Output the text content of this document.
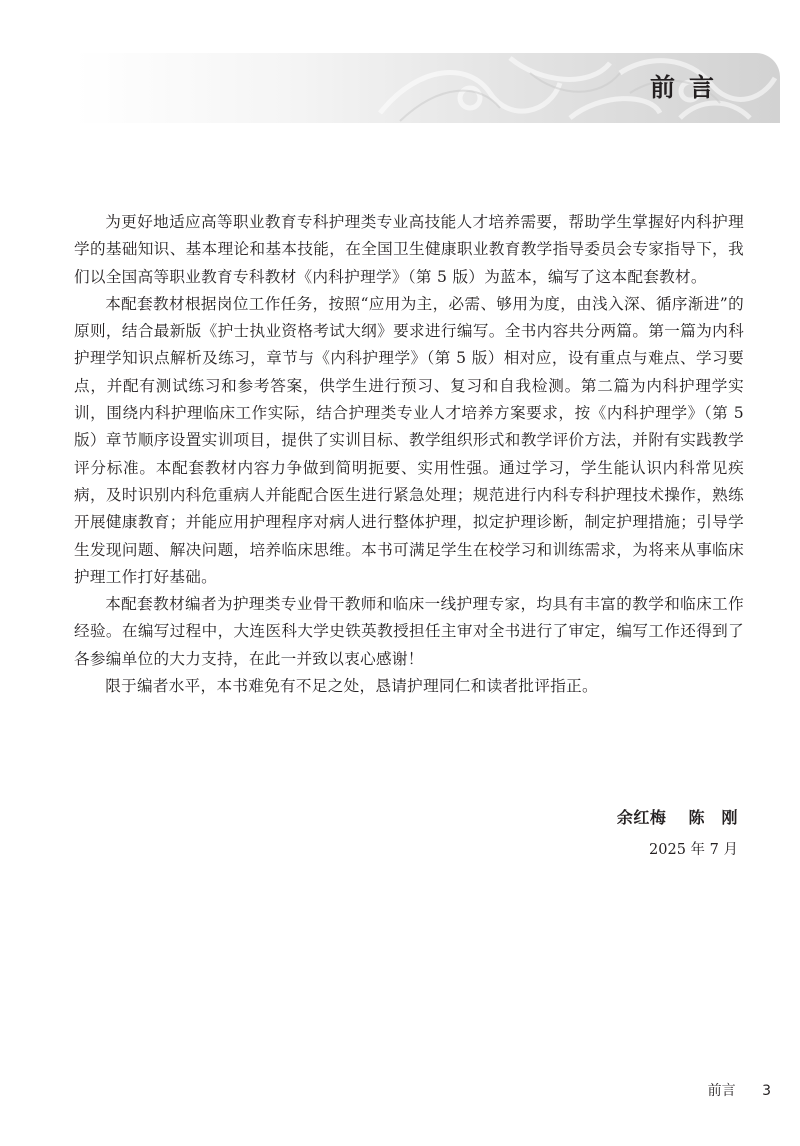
前言

为更好地适应高等职业教育专科护理类专业高技能人才培养需要，帮助学生掌握好内科护理学的基础知识、基本理论和基本技能，在全国卫生健康职业教育教学指导委员会专家指导下，我们以全国高等职业教育专科教材《内科护理学》（第 5 版）为蓝本，编写了这本配套教材。

本配套教材根据岗位工作任务，按照“应用为主，必需、够用为度，由浅入深、循序渐进”的原则，结合最新版《护士执业资格考试大纲》要求进行编写。全书内容共分两篇。第一篇为内科护理学知识点解析及练习，章节与《内科护理学》（第 5 版）相对应，设有重点与难点、学习要点，并配有测试练习和参考答案，供学生进行预习、复习和自我检测。第二篇为内科护理学实训，围绕内科护理临床工作实际，结合护理类专业人才培养方案要求，按《内科护理学》（第 5 版）章节顺序设置实训项目，提供了实训目标、教学组织形式和教学评价方法，并附有实践教学评分标准。本配套教材内容力争做到简明扼要、实用性强。通过学习，学生能认识内科常见疾病，及时识别内科危重病人并能配合医生进行紧急处理；规范进行内科专科护理技术操作，熟练开展健康教育；并能应用护理程序对病人进行整体护理，拟定护理诊断，制定护理措施；引导学生发现问题、解决问题，培养临床思维。本书可满足学生在校学习和训练需求，为将来从事临床护理工作打好基础。

本配套教材编者为护理类专业骨干教师和临床一线护理专家，均具有丰富的教学和临床工作经验。在编写过程中，大连医科大学史铁英教授担任主审对全书进行了审定，编写工作还得到了各参编单位的大力支持，在此一并致以衷心感谢！

限于编者水平，本书难免有不足之处，恳请护理同仁和读者批评指正。

余红梅 陈　刚
2025 年 7 月
前言 3
